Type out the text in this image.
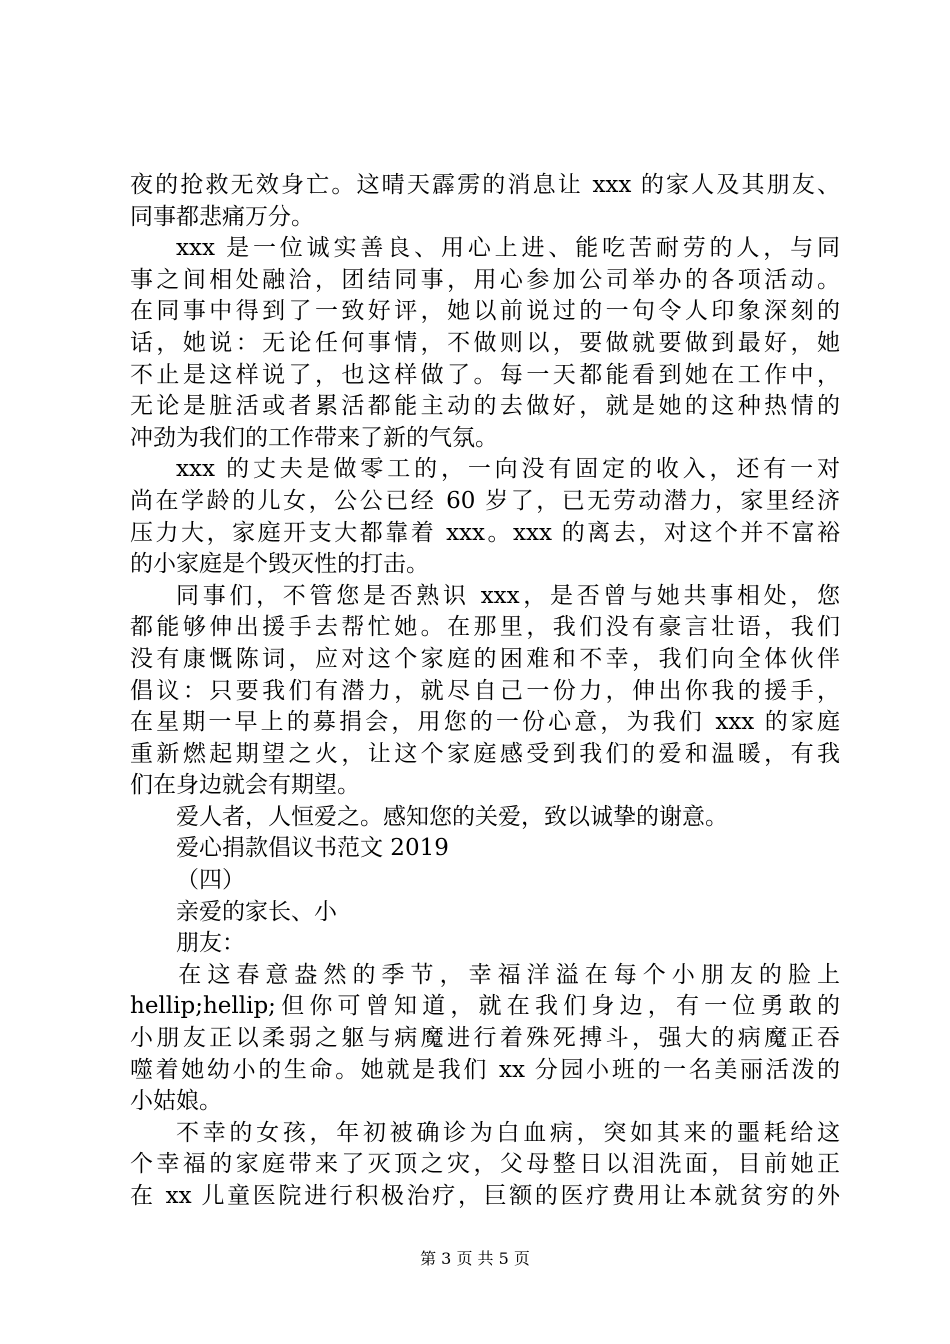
夜的抢救无效身亡。这晴天霹雳的消息让 xxx 的家人及其朋友、
同事都悲痛万分。
xxx 是一位诚实善良、用心上进、能吃苦耐劳的人，与同
事之间相处融洽，团结同事，用心参加公司举办的各项活动。
在同事中得到了一致好评，她以前说过的一句令人印象深刻的
话，她说：无论任何事情，不做则以，要做就要做到最好，她
不止是这样说了，也这样做了。每一天都能看到她在工作中，
无论是脏活或者累活都能主动的去做好，就是她的这种热情的
冲劲为我们的工作带来了新的气氛。
xxx 的丈夫是做零工的，一向没有固定的收入，还有一对
尚在学龄的儿女，公公已经 60 岁了，已无劳动潜力，家里经济
压力大，家庭开支大都靠着 xxx。xxx 的离去，对这个并不富裕
的小家庭是个毁灭性的打击。
同事们，不管您是否熟识 xxx，是否曾与她共事相处，您
都能够伸出援手去帮忙她。在那里，我们没有豪言壮语，我们
没有康慨陈词，应对这个家庭的困难和不幸，我们向全体伙伴
倡议：只要我们有潜力，就尽自己一份力，伸出你我的援手，
在星期一早上的募捐会，用您的一份心意，为我们 xxx 的家庭
重新燃起期望之火，让这个家庭感受到我们的爱和温暖，有我
们在身边就会有期望。
爱人者，人恒爱之。感知您的关爱，致以诚挚的谢意。
爱心捐款倡议书范文 2019
（四）
亲爱的家长、小
朋友：
在这春意盎然的季节，幸福洋溢在每个小朋友的脸上
hellip;hellip;但你可曾知道，就在我们身边，有一位勇敢的
小朋友正以柔弱之躯与病魔进行着殊死搏斗，强大的病魔正吞
噬着她幼小的生命。她就是我们 xx 分园小班的一名美丽活泼的
小姑娘。
不幸的女孩，年初被确诊为白血病，突如其来的噩耗给这
个幸福的家庭带来了灭顶之灾，父母整日以泪洗面，目前她正
在 xx 儿童医院进行积极治疗，巨额的医疗费用让本就贫穷的外
第 3 页 共 5 页
